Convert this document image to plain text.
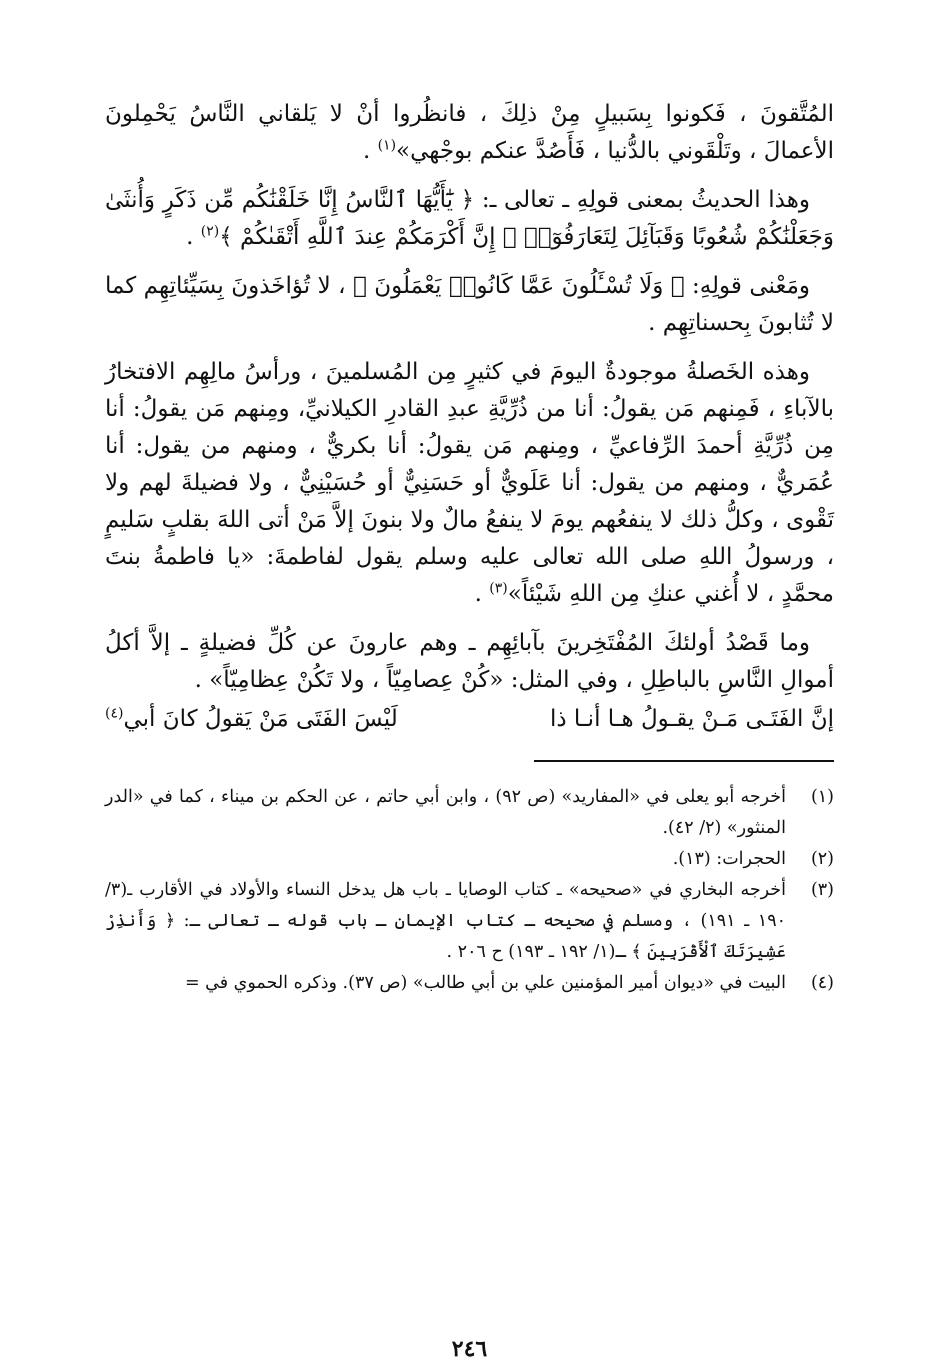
المُتَّقونَ ، فَكونوا بِسَبيلٍ مِنْ ذلِكَ ، فانظُروا أنْ لا يَلقاني النَّاسُ يَحْمِلونَ الأعمالَ ، وتَلْقَوني بالدُّنيا ، فَأَصُدَّ عنكم بوجْهي»$^{(١)}$ .

وهذا الحديثُ بمعنى قولِهِ ـ تعالى ـ: ﴿ يَٰٓأَيُّهَا ٱلنَّاسُ إِنَّا خَلَقْنَٰكُم مِّن ذَكَرٍ وَأُنثَىٰ وَجَعَلْنَٰكُمْ شُعُوبًا وَقَبَآئِلَ لِتَعَارَفُوٓا۟ ۚ إِنَّ أَكْرَمَكُمْ عِندَ ٱللَّهِ أَتْقَىٰكُمْ ﴾$^{(٢)}$ .

ومَعْنى قولِهِ: ﴿ وَلَا تُسْـَٔلُونَ عَمَّا كَانُوا۟ يَعْمَلُونَ ﴾ ، لا تُؤاخَذونَ بِسَيِّئاتِهِم كما لا تُثابونَ بِحسناتِهِم .

وهذه الخَصلةُ موجودةٌ اليومَ في كثيرٍ مِن المُسلمينَ ، ورأسُ مالِهِم الافتخارُ بالآباءِ ، فَمِنهم مَن يقولُ: أنا من ذُرِّيَّةِ عبدِ القادرِ الكيلانيِّ، ومِنهم مَن يقولُ: أنا مِن ذُرِّيَّةِ أحمدَ الرِّفاعيِّ ، ومِنهم مَن يقولُ: أنا بكريٌّ ، ومنهم من يقول: أنا عُمَريٌّ ، ومنهم من يقول: أنا عَلَويٌّ أو حَسَنِيٌّ أو حُسَيْنِيٌّ ، ولا فضيلةَ لهم ولا تَقْوى ، وكلُّ ذلك لا ينفعُهم يومَ لا ينفعُ مالٌ ولا بنونَ إلاَّ مَنْ أتى اللهَ بقلبٍ سَليمٍ ، ورسولُ اللهِ صلى الله تعالى عليه وسلم يقول لفاطمةَ: «يا فاطمةُ بنتَ محمَّدٍ ، لا أُغني عنكِ مِن اللهِ شَيْئاً»$^{(٣)}$ .

وما قَصْدُ أولئكَ المُفْتَخِرينَ بآبائِهِم ـ وهم عارونَ عن كُلِّ فضيلةٍ ـ إلاَّ أكلُ أموالِ النَّاسِ بالباطِلِ ، وفي المثل: «كُنْ عِصامِيّاً ، ولا تَكُنْ عِظامِيّاً» .

إنَّ الفَتَـى مَـنْ يقـولُ هـا أنـا ذا
لَيْسَ الفَتَى مَنْ يَقولُ كانَ أبي$^{(٤)}$
(١)
أخرجه أبو يعلى في «المفاريد» (ص ٩٢) ، وابن أبي حاتم ، عن الحكم بن ميناء ، كما في «الدر المنثور» (٢/ ٤٢).
(٢)
الحجرات: (١٣).
(٣)
أخرجه البخاري في «صحيحه» ـ كتاب الوصايا ـ باب هل يدخل النساء والأولاد في الأقارب ـ(٣/ ١٩٠ ـ ١٩١) ، ومسلم في صحيحه ـ كتاب الإيمان ـ باب قوله ـ تعالى ـ: ﴿ وَأَنذِرْ عَشِيرَتَكَ ٱلْأَقْرَبِينَ ﴾ ـ(١/ ١٩٢ ـ ١٩٣) ح ٢٠٦ .
(٤)
البيت في «ديوان أمير المؤمنين علي بن أبي طالب» (ص ٣٧). وذكره الحموي في =
٢٤٦
